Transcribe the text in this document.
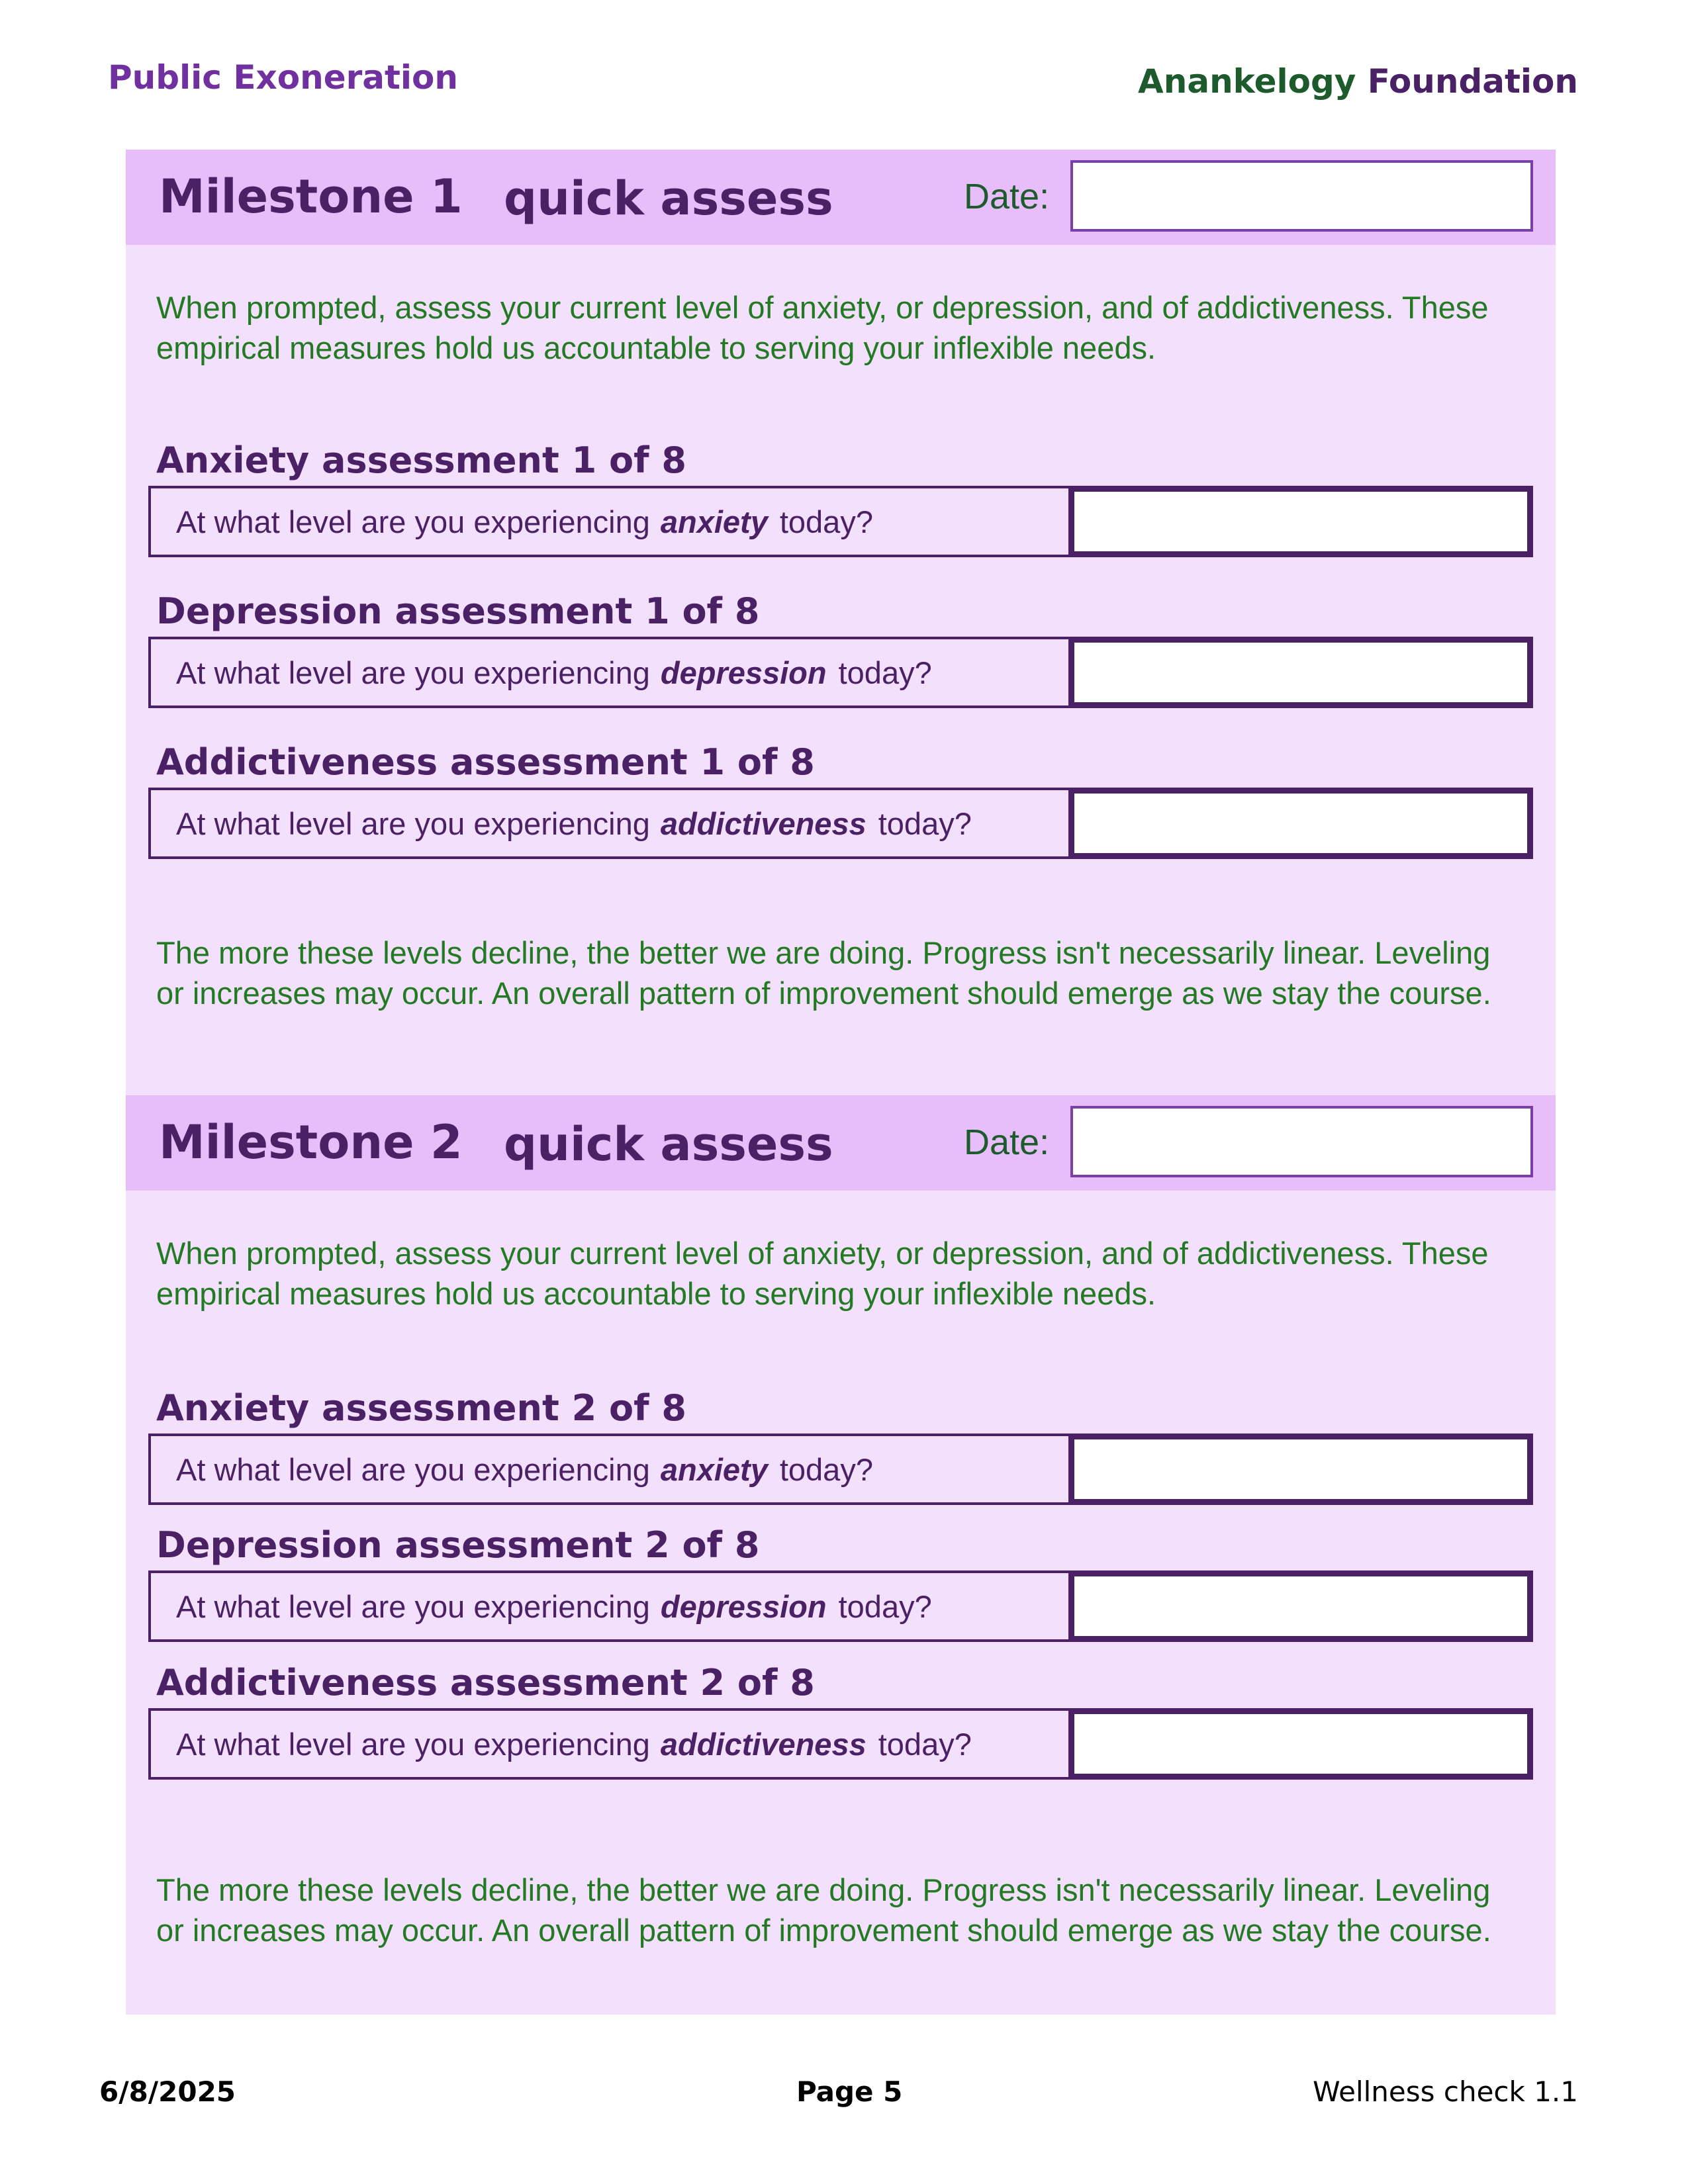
Public Exoneration	Anankelogy Foundation
Milestone 1 quick assess	Date:
When prompted, assess your current level of anxiety, or depression, and of addictiveness. These empirical measures hold us accountable to serving your inflexible needs.
Anxiety assessment 1 of 8
At what level are you experiencing anxiety today?
Depression assessment 1 of 8
At what level are you experiencing depression today?
Addictiveness assessment 1 of 8
At what level are you experiencing addictiveness today?
The more these levels decline, the better we are doing. Progress isn't necessarily linear. Leveling or increases may occur. An overall pattern of improvement should emerge as we stay the course.
Milestone 2 quick assess	Date:
When prompted, assess your current level of anxiety, or depression, and of addictiveness. These empirical measures hold us accountable to serving your inflexible needs.
Anxiety assessment 2 of 8
At what level are you experiencing anxiety today?
Depression assessment 2 of 8
At what level are you experiencing depression today?
Addictiveness assessment 2 of 8
At what level are you experiencing addictiveness today?
The more these levels decline, the better we are doing. Progress isn't necessarily linear. Leveling or increases may occur. An overall pattern of improvement should emerge as we stay the course.
6/8/2025	Page 5	Wellness check 1.1
